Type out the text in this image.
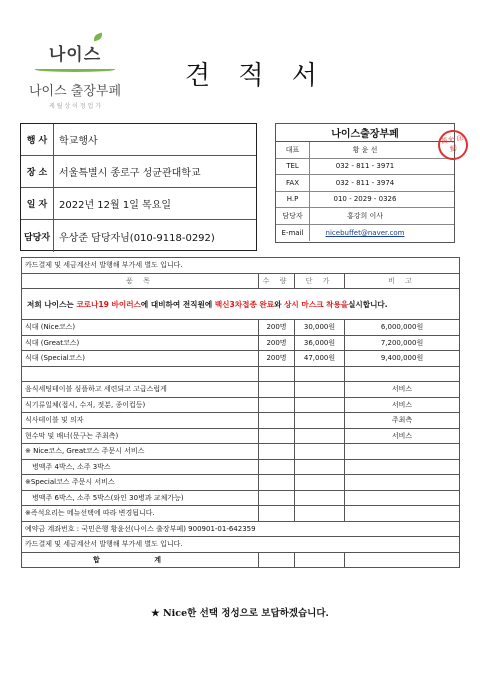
나이스
나이스 출장부페
케 틸 상 이 정 업 가
견 적 서
행 사	학교행사
장 소	서울특별시 종로구 성균관대학교
일 자	2022년 12월 1일 목요일
담당자 우상준 담당자님(010-9118-0292)
나이스출장부페
대표	황 윤 선
TEL	032 - 811 - 3971
FAX	032 - 811 - 3974
H.P	010 - 2029 - 0326
담당자	홍강희 이사
E-mail	nicebuffet@naver.com
黃允 印鮮
카드결제 및 세금계산서 발행해 부가세 별도 입니다.			
품 목	수 량	단 가	비 고
저희 나이스는 코로나19 바이러스에 대비하여 전직원에 백신3차접종 완료와 상시 마스크 착용을실시합니다.			
식대 (Nice코스)	200명	30,000원	6,000,000원
식대 (Great코스)	200명	36,000원	7,200,000원
식대 (Special코스)	200명	47,000원	9,400,000원

음식세팅테이블 심플하고 세련되고 고급스럽게			서비스
식기류일체(접시, 수저, 젓분, 종이컵등)			서비스
식사테이블 및 의자			주최측
현수막 및 배너(문구는 주최측)			서비스
※ Nice코스, Great코스 주문시 서비스			
　병맥주 4박스, 소주 3박스			
※Special코스 주문시 서비스			
　병맥주 6박스, 소주 5박스(와인 30병과 교체가능)			
※즉석요리는 메뉴선택에 따라 변경됩니다.			
예약금 계좌번호 : 국민은행 황윤선(나이스 출장부페) 900901-01-642359			
카드결제 및 세금계산서 발행해 부가세 별도 입니다.			
합 계			
★ Nice한 선택 정성으로 보답하겠습니다.
